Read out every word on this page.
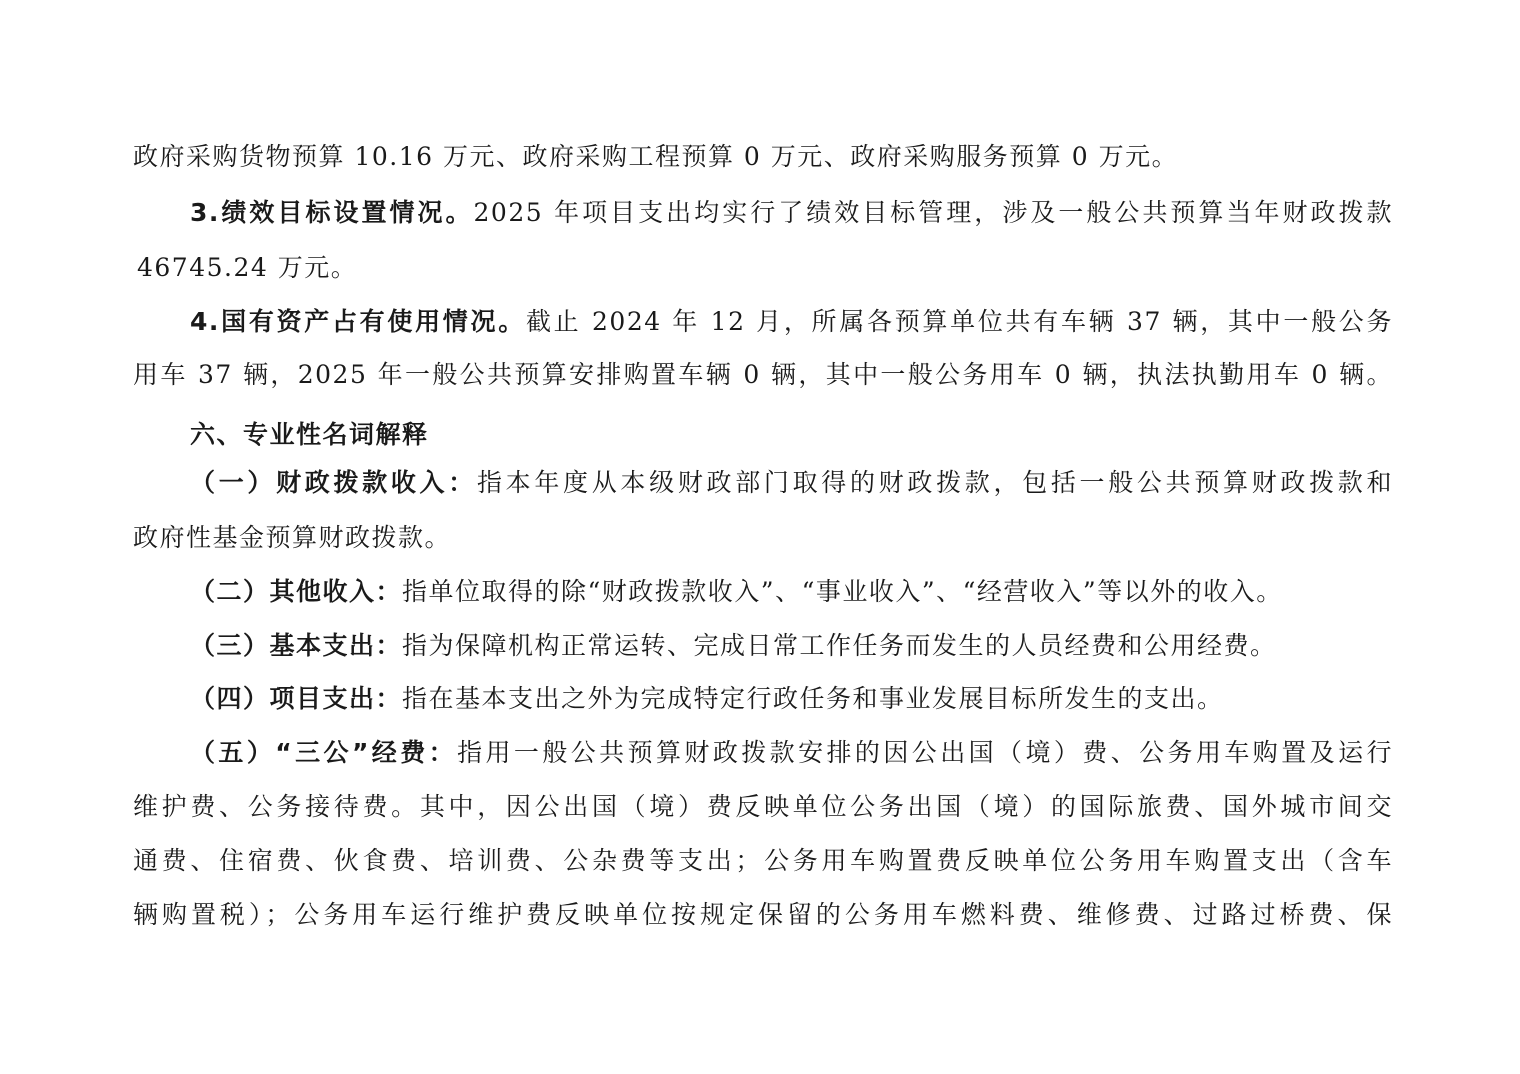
政府采购货物预算 10.16 万元、政府采购工程预算 0 万元、政府采购服务预算 0 万元。
3.绩效目标设置情况。2025 年项目支出均实行了绩效目标管理，涉及一般公共预算当年财政拨款
46745.24 万元。
4.国有资产占有使用情况。截止 2024 年 12 月，所属各预算单位共有车辆 37 辆，其中一般公务
用车 37 辆，2025 年一般公共预算安排购置车辆 0 辆，其中一般公务用车 0 辆，执法执勤用车 0 辆。
六、专业性名词解释
（一）财政拨款收入：指本年度从本级财政部门取得的财政拨款，包括一般公共预算财政拨款和
政府性基金预算财政拨款。
（二）其他收入：指单位取得的除“财政拨款收入”、“事业收入”、“经营收入”等以外的收入。
（三）基本支出：指为保障机构正常运转、完成日常工作任务而发生的人员经费和公用经费。
（四）项目支出：指在基本支出之外为完成特定行政任务和事业发展目标所发生的支出。
（五）“三公”经费：指用一般公共预算财政拨款安排的因公出国（境）费、公务用车购置及运行
维护费、公务接待费。其中，因公出国（境）费反映单位公务出国（境）的国际旅费、国外城市间交
通费、住宿费、伙食费、培训费、公杂费等支出；公务用车购置费反映单位公务用车购置支出（含车
辆购置税）；公务用车运行维护费反映单位按规定保留的公务用车燃料费、维修费、过路过桥费、保
